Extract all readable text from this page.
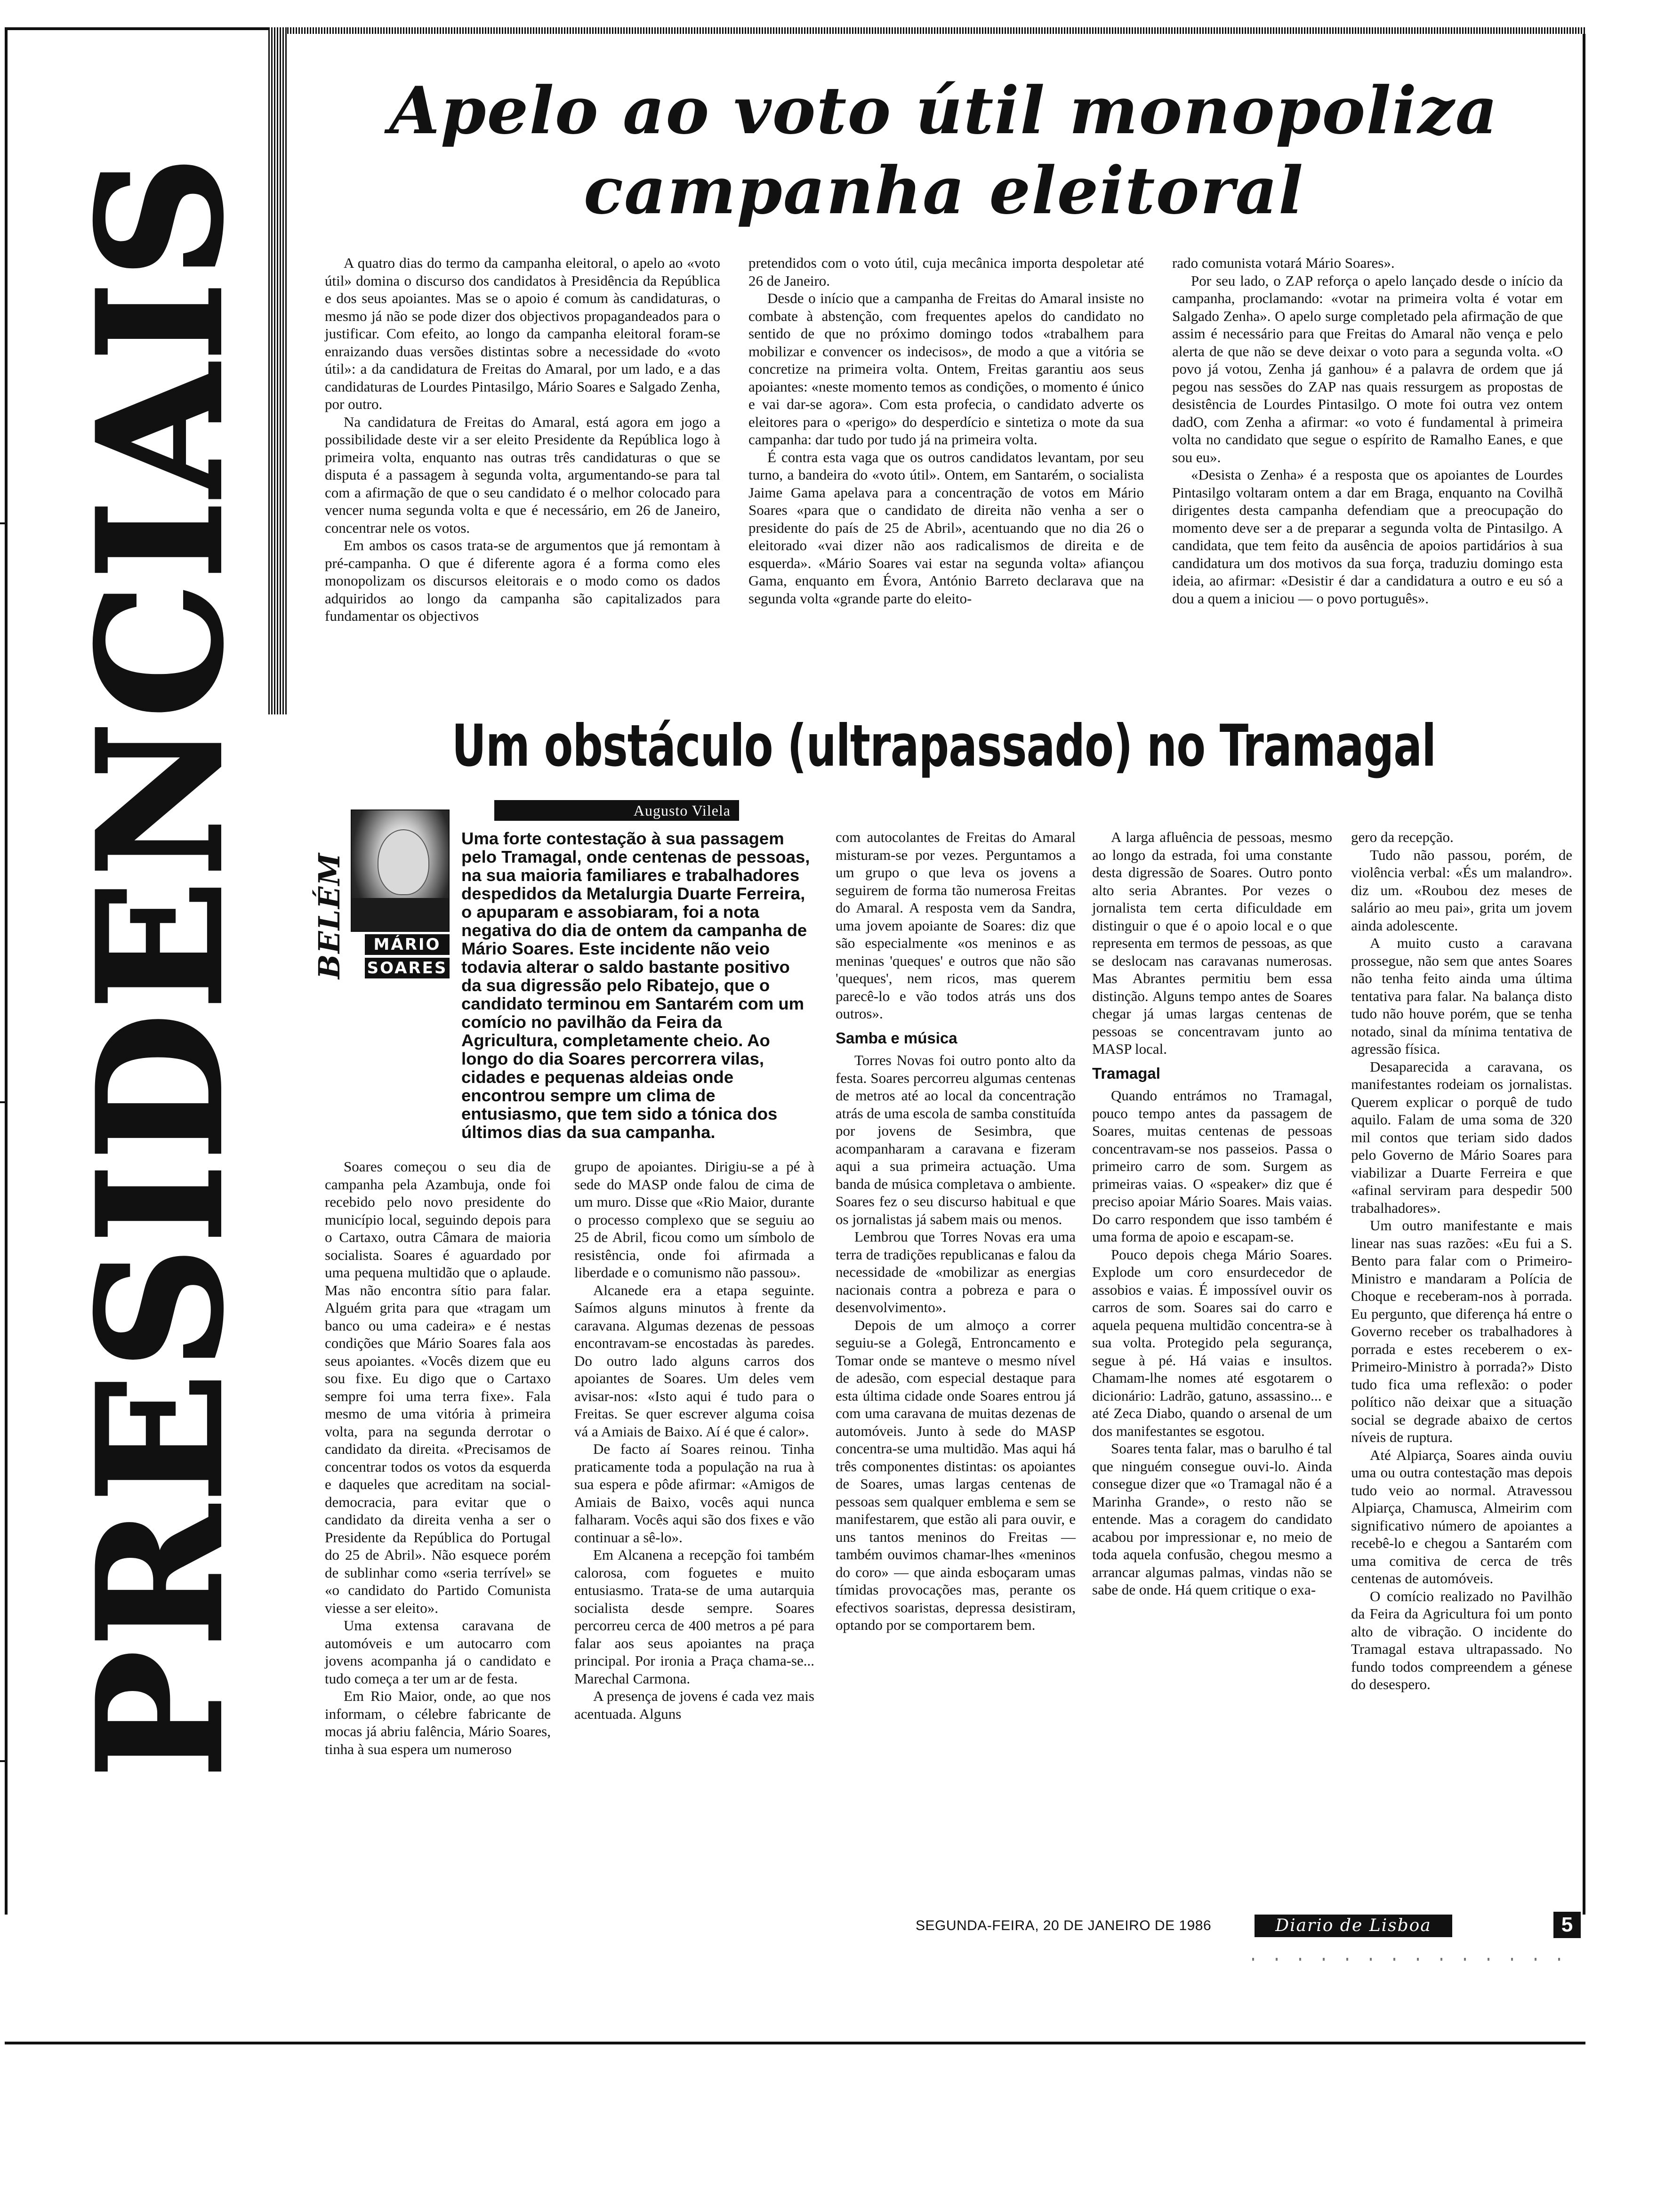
PRESIDENCIAIS
Apelo ao voto útil monopoliza campanha eleitoral

A quatro dias do termo da campanha eleitoral, o apelo ao «voto útil» domina o discurso dos candidatos à Presidência da República e dos seus apoiantes. Mas se o apoio é comum às candidaturas, o mesmo já não se pode dizer dos objectivos propagandeados para o justificar. Com efeito, ao longo da campanha eleitoral foram-se enraizando duas versões distintas sobre a necessidade do «voto útil»: a da candidatura de Freitas do Amaral, por um lado, e a das candidaturas de Lourdes Pintasilgo, Mário Soares e Salgado Zenha, por outro.

Na candidatura de Freitas do Amaral, está agora em jogo a possibilidade deste vir a ser eleito Presidente da República logo à primeira volta, enquanto nas outras três candidaturas o que se disputa é a passagem à segunda volta, argumentando-se para tal com a afirmação de que o seu candidato é o melhor colocado para vencer numa segunda volta e que é necessário, em 26 de Janeiro, concentrar nele os votos.

Em ambos os casos trata-se de argumentos que já remontam à pré-campanha. O que é diferente agora é a forma como eles monopolizam os discursos eleitorais e o modo como os dados adquiridos ao longo da campanha são capitalizados para fundamentar os objectivos

pretendidos com o voto útil, cuja mecânica importa despoletar até 26 de Janeiro.

Desde o início que a campanha de Freitas do Amaral insiste no combate à abstenção, com frequentes apelos do candidato no sentido de que no próximo domingo todos «trabalhem para mobilizar e convencer os indecisos», de modo a que a vitória se concretize na primeira volta. Ontem, Freitas garantiu aos seus apoiantes: «neste momento temos as condições, o momento é único e vai dar-se agora». Com esta profecia, o candidato adverte os eleitores para o «perigo» do desperdício e sintetiza o mote da sua campanha: dar tudo por tudo já na primeira volta.

É contra esta vaga que os outros candidatos levantam, por seu turno, a bandeira do «voto útil». Ontem, em Santarém, o socialista Jaime Gama apelava para a concentração de votos em Mário Soares «para que o candidato de direita não venha a ser o presidente do país de 25 de Abril», acentuando que no dia 26 o eleitorado «vai dizer não aos radicalismos de direita e de esquerda». «Mário Soares vai estar na segunda volta» afiançou Gama, enquanto em Évora, António Barreto declarava que na segunda volta «grande parte do eleito-

rado comunista votará Mário Soares».

Por seu lado, o ZAP reforça o apelo lançado desde o início da campanha, proclamando: «votar na primeira volta é votar em Salgado Zenha». O apelo surge completado pela afirmação de que assim é necessário para que Freitas do Amaral não vença e pelo alerta de que não se deve deixar o voto para a segunda volta. «O povo já votou, Zenha já ganhou» é a palavra de ordem que já pegou nas sessões do ZAP nas quais ressurgem as propostas de desistência de Lourdes Pintasilgo. O mote foi outra vez ontem dadO, com Zenha a afirmar: «o voto é fundamental à primeira volta no candidato que segue o espírito de Ramalho Eanes, e que sou eu».

«Desista o Zenha» é a resposta que os apoiantes de Lourdes Pintasilgo voltaram ontem a dar em Braga, enquanto na Covilhã dirigentes desta campanha defendiam que a preocupação do momento deve ser a de preparar a segunda volta de Pintasilgo. A candidata, que tem feito da ausência de apoios partidários à sua candidatura um dos motivos da sua força, traduziu domingo esta ideia, ao afirmar: «Desistir é dar a candidatura a outro e eu só a dou a quem a iniciou — o povo português».

Um obstáculo (ultrapassado) no Tramagal
Augusto Vilela
MÁRIO
SOARES
BELÉM
Uma forte contestação à sua passagem pelo Tramagal, onde centenas de pessoas, na sua maioria familiares e trabalhadores despedidos da Metalurgia Duarte Ferreira, o apuparam e assobiaram, foi a nota negativa do dia de ontem da campanha de Mário Soares. Este incidente não veio todavia alterar o saldo bastante positivo da sua digressão pelo Ribatejo, que o candidato terminou em Santarém com um comício no pavilhão da Feira da Agricultura, completamente cheio. Ao longo do dia Soares percorrera vilas, cidades e pequenas aldeias onde encontrou sempre um clima de entusiasmo, que tem sido a tónica dos últimos dias da sua campanha.

Soares começou o seu dia de campanha pela Azambuja, onde foi recebido pelo novo presidente do município local, seguindo depois para o Cartaxo, outra Câmara de maioria socialista. Soares é aguardado por uma pequena multidão que o aplaude. Mas não encontra sítio para falar. Alguém grita para que «tragam um banco ou uma cadeira» e é nestas condições que Mário Soares fala aos seus apoiantes. «Vocês dizem que eu sou fixe. Eu digo que o Cartaxo sempre foi uma terra fixe». Fala mesmo de uma vitória à primeira volta, para na segunda derrotar o candidato da direita. «Precisamos de concentrar todos os votos da esquerda e daqueles que acreditam na social-democracia, para evitar que o candidato da direita venha a ser o Presidente da República do Portugal do 25 de Abril». Não esquece porém de sublinhar como «seria terrível» se «o candidato do Partido Comunista viesse a ser eleito».

Uma extensa caravana de automóveis e um autocarro com jovens acompanha já o candidato e tudo começa a ter um ar de festa.

Em Rio Maior, onde, ao que nos informam, o célebre fabricante de mocas já abriu falência, Mário Soares, tinha à sua espera um numeroso

grupo de apoiantes. Dirigiu-se a pé à sede do MASP onde falou de cima de um muro. Disse que «Rio Maior, durante o processo complexo que se seguiu ao 25 de Abril, ficou como um símbolo de resistência, onde foi afirmada a liberdade e o comunismo não passou».

Alcanede era a etapa seguinte. Saímos alguns minutos à frente da caravana. Algumas dezenas de pessoas encontravam-se encostadas às paredes. Do outro lado alguns carros dos apoiantes de Soares. Um deles vem avisar-nos: «Isto aqui é tudo para o Freitas. Se quer escrever alguma coisa vá a Amiais de Baixo. Aí é que é calor».

De facto aí Soares reinou. Tinha praticamente toda a população na rua à sua espera e pôde afirmar: «Amigos de Amiais de Baixo, vocês aqui nunca falharam. Vocês aqui são dos fixes e vão continuar a sê-lo».

Em Alcanena a recepção foi também calorosa, com foguetes e muito entusiasmo. Trata-se de uma autarquia socialista desde sempre. Soares percorreu cerca de 400 metros a pé para falar aos seus apoiantes na praça principal. Por ironia a Praça chama-se... Marechal Carmona.

A presença de jovens é cada vez mais acentuada. Alguns

com autocolantes de Freitas do Amaral misturam-se por vezes. Perguntamos a um grupo o que leva os jovens a seguirem de forma tão numerosa Freitas do Amaral. A resposta vem da Sandra, uma jovem apoiante de Soares: diz que são especialmente «os meninos e as meninas 'queques' e outros que não são 'queques', nem ricos, mas querem parecê-lo e vão todos atrás uns dos outros».

Samba e música

Torres Novas foi outro ponto alto da festa. Soares percorreu algumas centenas de metros até ao local da concentração atrás de uma escola de samba constituída por jovens de Sesimbra, que acompanharam a caravana e fizeram aqui a sua primeira actuação. Uma banda de música completava o ambiente. Soares fez o seu discurso habitual e que os jornalistas já sabem mais ou menos.

Lembrou que Torres Novas era uma terra de tradições republicanas e falou da necessidade de «mobilizar as energias nacionais contra a pobreza e para o desenvolvimento».

Depois de um almoço a correr seguiu-se a Golegã, Entroncamento e Tomar onde se manteve o mesmo nível de adesão, com especial destaque para esta última cidade onde Soares entrou já com uma caravana de muitas dezenas de automóveis. Junto à sede do MASP concentra-se uma multidão. Mas aqui há três componentes distintas: os apoiantes de Soares, umas largas centenas de pessoas sem qualquer emblema e sem se manifestarem, que estão ali para ouvir, e uns tantos meninos do Freitas — também ouvimos chamar-lhes «meninos do coro» — que ainda esboçaram umas tímidas provocações mas, perante os efectivos soaristas, depressa desistiram, optando por se comportarem bem.

A larga afluência de pessoas, mesmo ao longo da estrada, foi uma constante desta digressão de Soares. Outro ponto alto seria Abrantes. Por vezes o jornalista tem certa dificuldade em distinguir o que é o apoio local e o que representa em termos de pessoas, as que se deslocam nas caravanas numerosas. Mas Abrantes permitiu bem essa distinção. Alguns tempo antes de Soares chegar já umas largas centenas de pessoas se concentravam junto ao MASP local.

Tramagal

Quando entrámos no Tramagal, pouco tempo antes da passagem de Soares, muitas centenas de pessoas concentravam-se nos passeios. Passa o primeiro carro de som. Surgem as primeiras vaias. O «speaker» diz que é preciso apoiar Mário Soares. Mais vaias. Do carro respondem que isso também é uma forma de apoio e escapam-se.

Pouco depois chega Mário Soares. Explode um coro ensurdecedor de assobios e vaias. É impossível ouvir os carros de som. Soares sai do carro e aquela pequena multidão concentra-se à sua volta. Protegido pela segurança, segue à pé. Há vaias e insultos. Chamam-lhe nomes até esgotarem o dicionário: Ladrão, gatuno, assassino... e até Zeca Diabo, quando o arsenal de um dos manifestantes se esgotou.

Soares tenta falar, mas o barulho é tal que ninguém consegue ouvi-lo. Ainda consegue dizer que «o Tramagal não é a Marinha Grande», o resto não se entende. Mas a coragem do candidato acabou por impressionar e, no meio de toda aquela confusão, chegou mesmo a arrancar algumas palmas, vindas não se sabe de onde. Há quem critique o exa-

gero da recepção.

Tudo não passou, porém, de violência verbal: «És um malandro». diz um. «Roubou dez meses de salário ao meu pai», grita um jovem ainda adolescente.

A muito custo a caravana prossegue, não sem que antes Soares não tenha feito ainda uma última tentativa para falar. Na balança disto tudo não houve porém, que se tenha notado, sinal da mínima tentativa de agressão física.

Desaparecida a caravana, os manifestantes rodeiam os jornalistas. Querem explicar o porquê de tudo aquilo. Falam de uma soma de 320 mil contos que teriam sido dados pelo Governo de Mário Soares para viabilizar a Duarte Ferreira e que «afinal serviram para despedir 500 trabalhadores».

Um outro manifestante e mais linear nas suas razões: «Eu fui a S. Bento para falar com o Primeiro-Ministro e mandaram a Polícia de Choque e receberam-nos à porrada. Eu pergunto, que diferença há entre o Governo receber os trabalhadores à porrada e estes receberem o ex-Primeiro-Ministro à porrada?» Disto tudo fica uma reflexão: o poder político não deixar que a situação social se degrade abaixo de certos níveis de ruptura.

Até Alpiarça, Soares ainda ouviu uma ou outra contestação mas depois tudo veio ao normal. Atravessou Alpiarça, Chamusca, Almeirim com significativo número de apoiantes a recebê-lo e chegou a Santarém com uma comitiva de cerca de três centenas de automóveis.

O comício realizado no Pavilhão da Feira da Agricultura foi um ponto alto de vibração. O incidente do Tramagal estava ultrapassado. No fundo todos compreendem a génese do desespero.

SEGUNDA-FEIRA, 20 DE JANEIRO DE 1986	Diario de Lisboa	5
